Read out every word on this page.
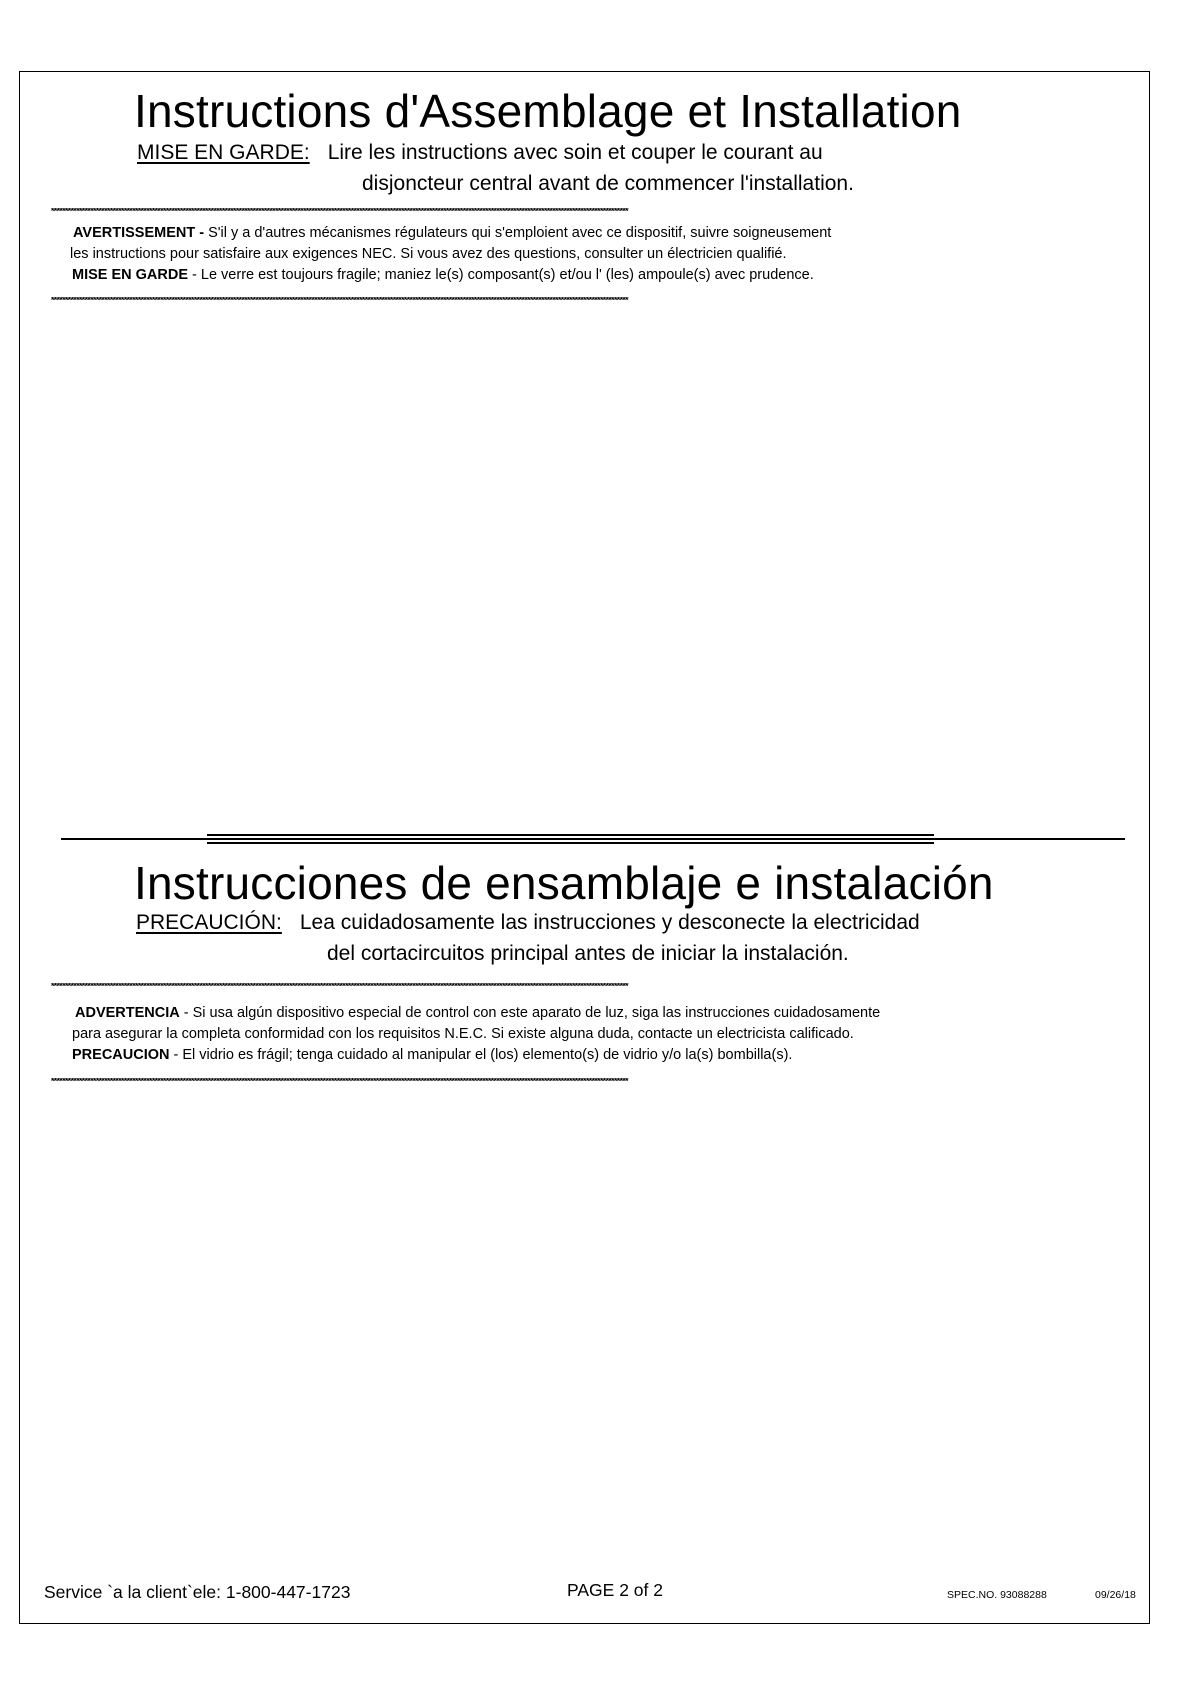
Instructions d'Assemblage et Installation
MISE EN GARDE: Lire les instructions avec soin et couper le courant au
disjoncteur central avant de commencer l'installation.
**************************************************************************************************************************************************************************************************************
AVERTISSEMENT - S'il y a d'autres mécanismes régulateurs qui s'emploient avec ce dispositif, suivre soigneusement
les instructions pour satisfaire aux exigences NEC. Si vous avez des questions, consulter un électricien qualifié.
MISE EN GARDE - Le verre est toujours fragile; maniez le(s) composant(s) et/ou l' (les) ampoule(s) avec prudence.
**************************************************************************************************************************************************************************************************************
Instrucciones de ensamblaje e instalación
PRECAUCIÓN: Lea cuidadosamente las instrucciones y desconecte la electricidad
del cortacircuitos principal antes de iniciar la instalación.
**************************************************************************************************************************************************************************************************************
ADVERTENCIA - Si usa algún dispositivo especial de control con este aparato de luz, siga las instrucciones cuidadosamente
para asegurar la completa conformidad con los requisitos N.E.C. Si existe alguna duda, contacte un electricista calificado.
PRECAUCION - El vidrio es frágil; tenga cuidado al manipular el (los) elemento(s) de vidrio y/o la(s) bombilla(s).
**************************************************************************************************************************************************************************************************************
Service `a la client`ele: 1-800-447-1723	PAGE 2 of 2	SPEC.NO. 93088288	09/26/18
